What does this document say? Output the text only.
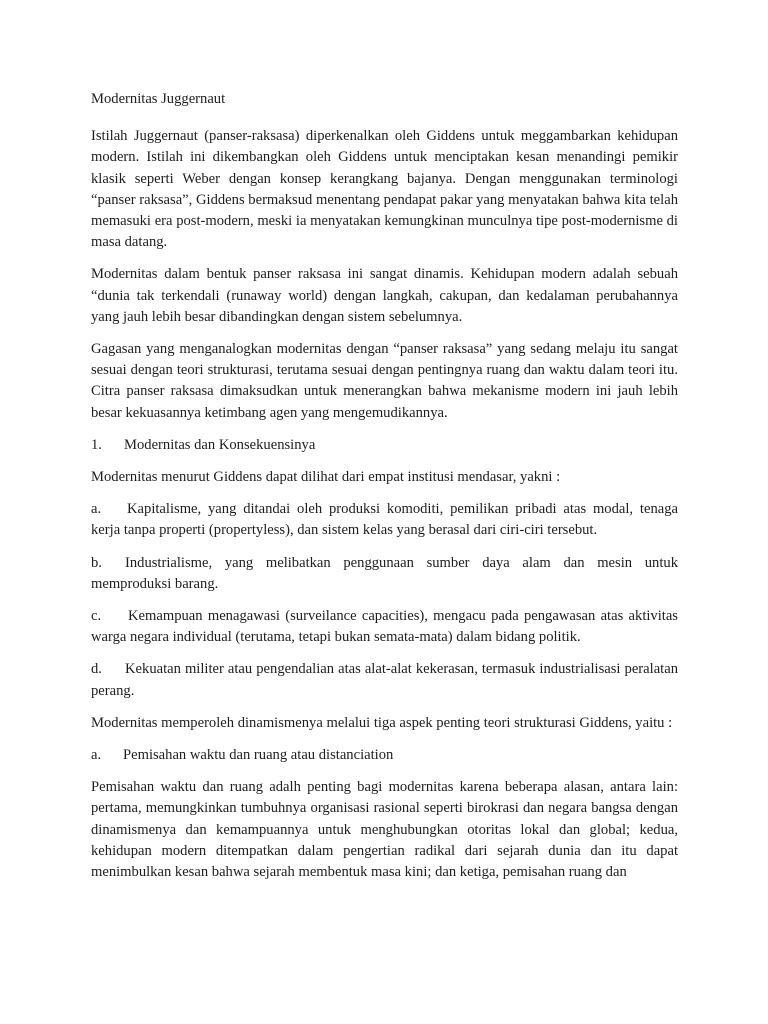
Modernitas Juggernaut

Istilah Juggernaut (panser-raksasa) diperkenalkan oleh Giddens untuk meggambarkan kehidupan modern. Istilah ini dikembangkan oleh Giddens untuk menciptakan kesan menandingi pemikir klasik seperti Weber dengan konsep kerangkang bajanya. Dengan menggunakan terminologi “panser raksasa”, Giddens bermaksud menentang pendapat pakar yang menyatakan bahwa kita telah memasuki era post-modern, meski ia menyatakan kemungkinan munculnya tipe post-modernisme di masa datang.

Modernitas dalam bentuk panser raksasa ini sangat dinamis. Kehidupan modern adalah sebuah “dunia tak terkendali (runaway world) dengan langkah, cakupan, dan kedalaman perubahannya yang jauh lebih besar dibandingkan dengan sistem sebelumnya.

Gagasan yang menganalogkan modernitas dengan “panser raksasa” yang sedang melaju itu sangat sesuai dengan teori strukturasi, terutama sesuai dengan pentingnya ruang dan waktu dalam teori itu. Citra panser raksasa dimaksudkan untuk menerangkan bahwa mekanisme modern ini jauh lebih besar kekuasannya ketimbang agen yang mengemudikannya.

1. Modernitas dan Konsekuensinya

Modernitas menurut Giddens dapat dilihat dari empat institusi mendasar, yakni :

a. Kapitalisme, yang ditandai oleh produksi komoditi, pemilikan pribadi atas modal, tenaga kerja tanpa properti (propertyless), dan sistem kelas yang berasal dari ciri-ciri tersebut.

b. Industrialisme, yang melibatkan penggunaan sumber daya alam dan mesin untuk memproduksi barang.

c. Kemampuan menagawasi (surveilance capacities), mengacu pada pengawasan atas aktivitas warga negara individual (terutama, tetapi bukan semata-mata) dalam bidang politik.

d. Kekuatan militer atau pengendalian atas alat-alat kekerasan, termasuk industrialisasi peralatan perang.

Modernitas memperoleh dinamismenya melalui tiga aspek penting teori strukturasi Giddens, yaitu :

a. Pemisahan waktu dan ruang atau distanciation

Pemisahan waktu dan ruang adalh penting bagi modernitas karena beberapa alasan, antara lain: pertama, memungkinkan tumbuhnya organisasi rasional seperti birokrasi dan negara bangsa dengan dinamismenya dan kemampuannya untuk menghubungkan otoritas lokal dan global; kedua, kehidupan modern ditempatkan dalam pengertian radikal dari sejarah dunia dan itu dapat menimbulkan kesan bahwa sejarah membentuk masa kini; dan ketiga, pemisahan ruang dan
